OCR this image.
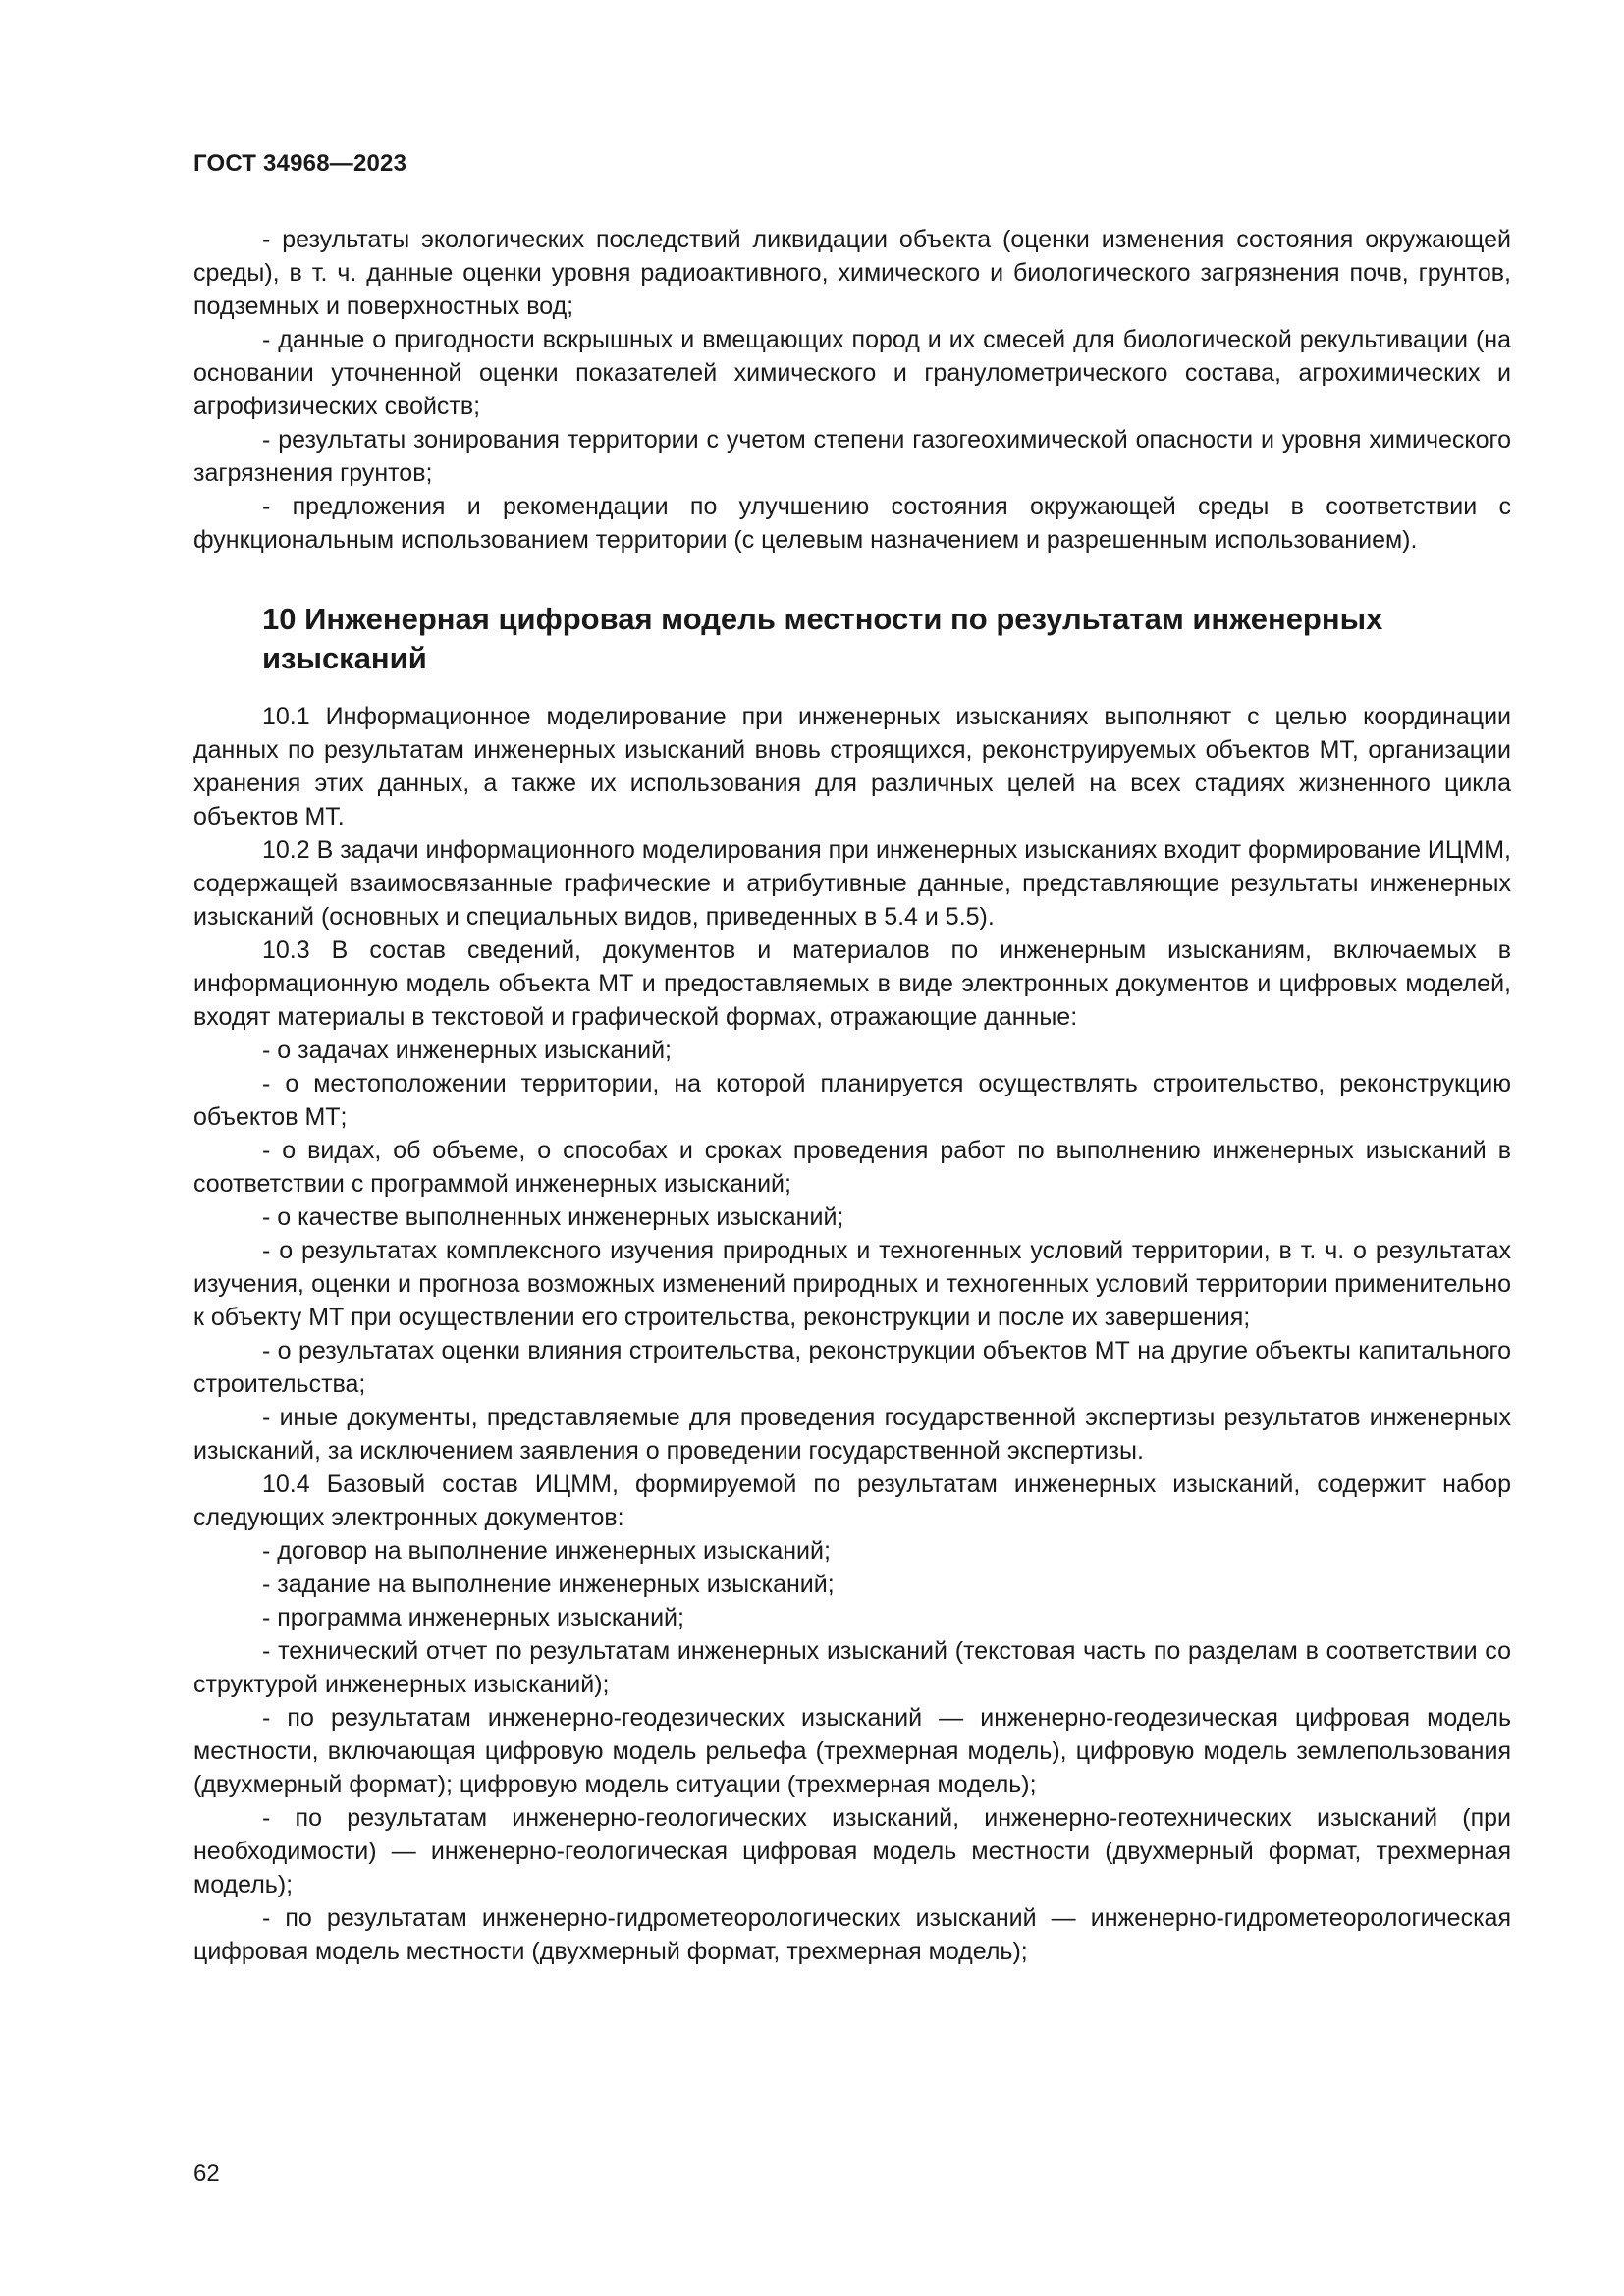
ГОСТ 34968—2023

- результаты экологических последствий ликвидации объекта (оценки изменения состояния окружающей среды), в т. ч. данные оценки уровня радиоактивного, химического и биологического загрязнения почв, грунтов, подземных и поверхностных вод;

- данные о пригодности вскрышных и вмещающих пород и их смесей для биологической рекультивации (на основании уточненной оценки показателей химического и гранулометрического состава, агрохимических и агрофизических свойств;

- результаты зонирования территории с учетом степени газогеохимической опасности и уровня химического загрязнения грунтов;

- предложения и рекомендации по улучшению состояния окружающей среды в соответствии с функциональным использованием территории (с целевым назначением и разрешенным использованием).

10 Инженерная цифровая модель местности по результатам инженерных изысканий

10.1 Информационное моделирование при инженерных изысканиях выполняют с целью координации данных по результатам инженерных изысканий вновь строящихся, реконструируемых объектов МТ, организации хранения этих данных, а также их использования для различных целей на всех стадиях жизненного цикла объектов МТ.

10.2 В задачи информационного моделирования при инженерных изысканиях входит формирование ИЦММ, содержащей взаимосвязанные графические и атрибутивные данные, представляющие результаты инженерных изысканий (основных и специальных видов, приведенных в 5.4 и 5.5).

10.3 В состав сведений, документов и материалов по инженерным изысканиям, включаемых в информационную модель объекта МТ и предоставляемых в виде электронных документов и цифровых моделей, входят материалы в текстовой и графической формах, отражающие данные:

- о задачах инженерных изысканий;

- о местоположении территории, на которой планируется осуществлять строительство, реконструкцию объектов МТ;

- о видах, об объеме, о способах и сроках проведения работ по выполнению инженерных изысканий в соответствии с программой инженерных изысканий;

- о качестве выполненных инженерных изысканий;

- о результатах комплексного изучения природных и техногенных условий территории, в т. ч. о результатах изучения, оценки и прогноза возможных изменений природных и техногенных условий территории применительно к объекту МТ при осуществлении его строительства, реконструкции и после их завершения;

- о результатах оценки влияния строительства, реконструкции объектов МТ на другие объекты капитального строительства;

- иные документы, представляемые для проведения государственной экспертизы результатов инженерных изысканий, за исключением заявления о проведении государственной экспертизы.

10.4 Базовый состав ИЦММ, формируемой по результатам инженерных изысканий, содержит набор следующих электронных документов:

- договор на выполнение инженерных изысканий;

- задание на выполнение инженерных изысканий;

- программа инженерных изысканий;

- технический отчет по результатам инженерных изысканий (текстовая часть по разделам в соответствии со структурой инженерных изысканий);

- по результатам инженерно-геодезических изысканий — инженерно-геодезическая цифровая модель местности, включающая цифровую модель рельефа (трехмерная модель), цифровую модель землепользования (двухмерный формат); цифровую модель ситуации (трехмерная модель);

- по результатам инженерно-геологических изысканий, инженерно-геотехнических изысканий (при необходимости) — инженерно-геологическая цифровая модель местности (двухмерный формат, трехмерная модель);

- по результатам инженерно-гидрометеорологических изысканий — инженерно-гидрометеорологическая цифровая модель местности (двухмерный формат, трехмерная модель);

62
